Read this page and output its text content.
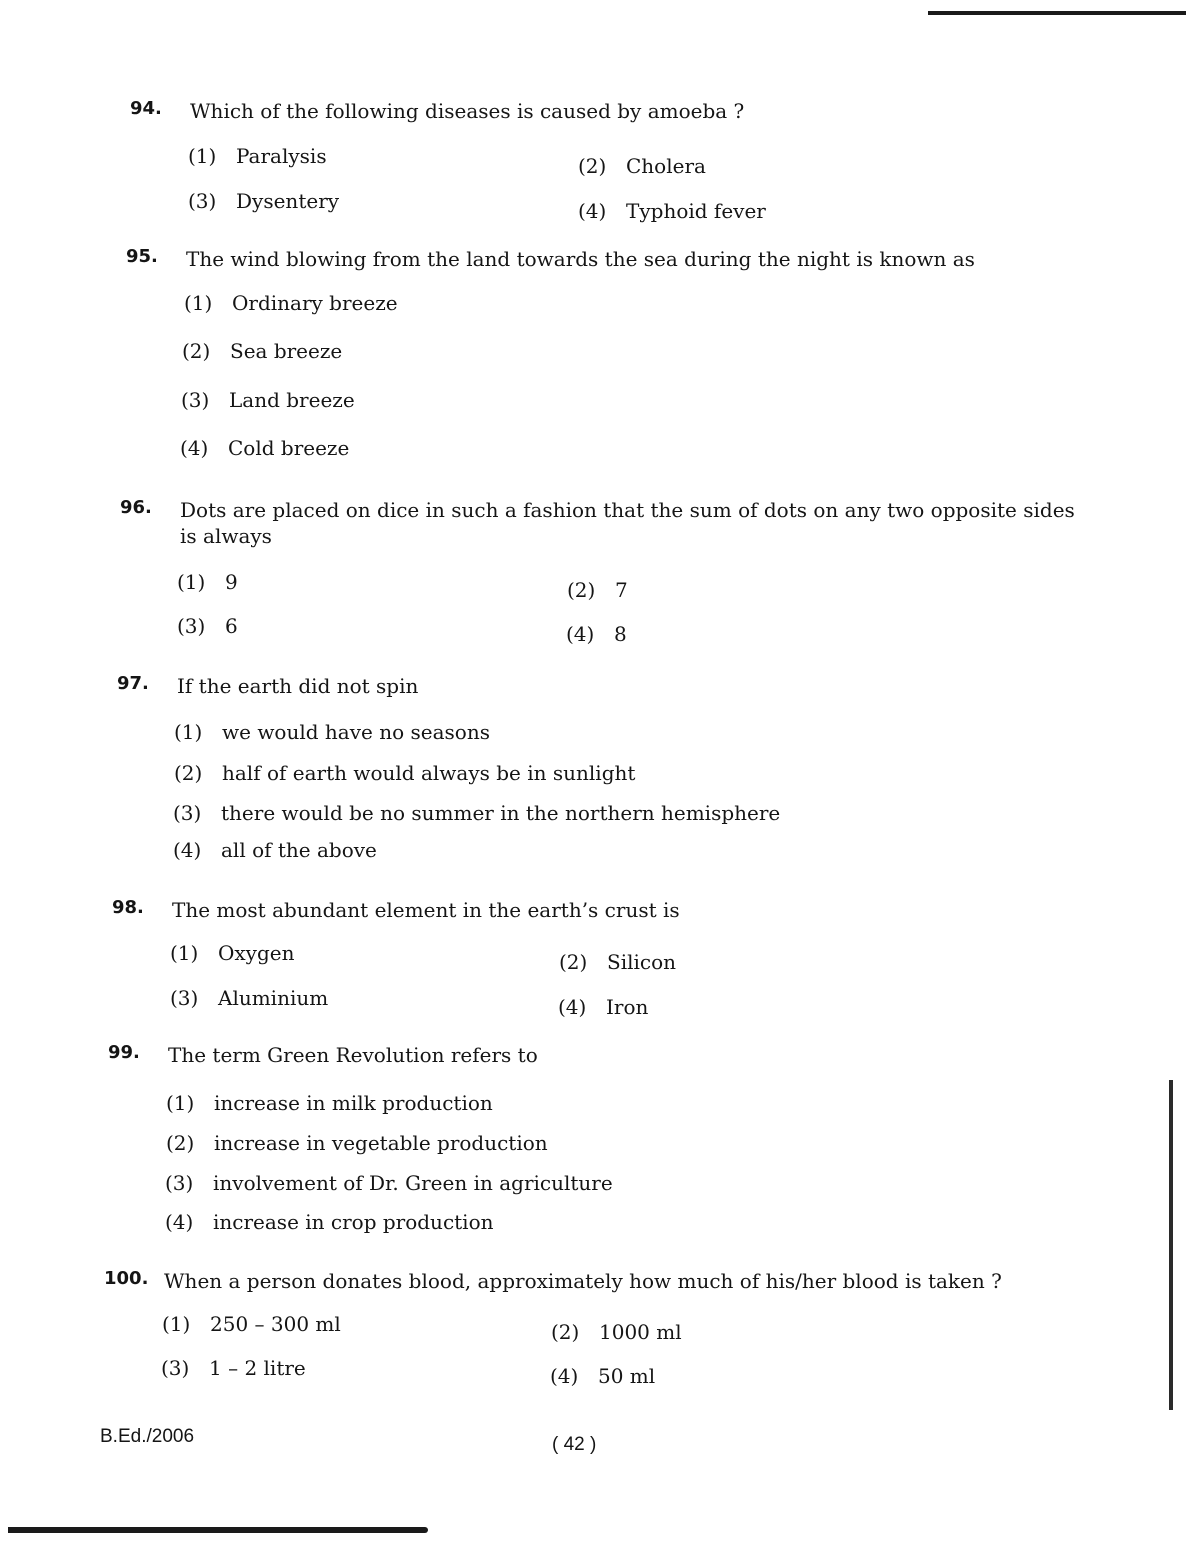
94. Which of the following diseases is caused by amoeba ?
(1) Paralysis	(2) Cholera
(3) Dysentery	(4) Typhoid fever
95. The wind blowing from the land towards the sea during the night is known as
(1) Ordinary breeze
(2) Sea breeze
(3) Land breeze
(4) Cold breeze
96. Dots are placed on dice in such a fashion that the sum of dots on any two opposite sides is always
(1) 9	(2) 7
(3) 6	(4) 8
97. If the earth did not spin
(1) we would have no seasons
(2) half of earth would always be in sunlight
(3) there would be no summer in the northern hemisphere
(4) all of the above
98. The most abundant element in the earth’s crust is
(1) Oxygen	(2) Silicon
(3) Aluminium	(4) Iron
99. The term Green Revolution refers to
(1) increase in milk production
(2) increase in vegetable production
(3) involvement of Dr. Green in agriculture
(4) increase in crop production
100. When a person donates blood, approximately how much of his/her blood is taken ?
(1) 250 – 300 ml	(2) 1000 ml
(3) 1 – 2 litre	(4) 50 ml
B.Ed./2006	( 42 )
